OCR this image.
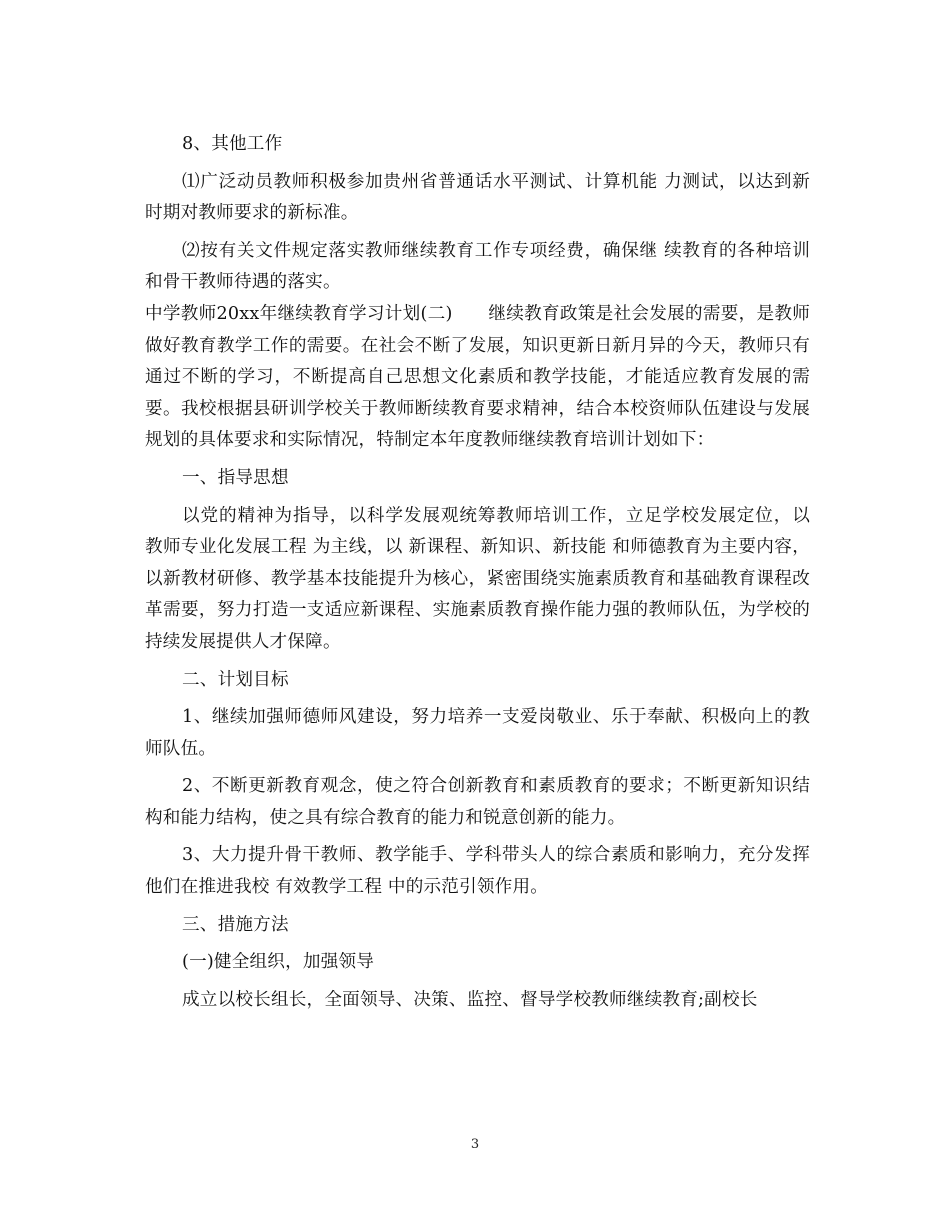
8、其他工作

⑴广泛动员教师积极参加贵州省普通话水平测试、计算机能 力测试，以达到新时期对教师要求的新标准。

⑵按有关文件规定落实教师继续教育工作专项经费，确保继 续教育的各种培训和骨干教师待遇的落实。

中学教师20xx年继续教育学习计划(二)　　继续教育政策是社会发展的需要，是教师做好教育教学工作的需要。在社会不断了发展，知识更新日新月异的今天，教师只有通过不断的学习，不断提高自己思想文化素质和教学技能，才能适应教育发展的需要。我校根据县研训学校关于教师断续教育要求精神，结合本校资师队伍建设与发展规划的具体要求和实际情况，特制定本年度教师继续教育培训计划如下：

一、指导思想

以党的精神为指导，以科学发展观统筹教师培训工作，立足学校发展定位，以 教师专业化发展工程 为主线，以 新课程、新知识、新技能 和师德教育为主要内容，以新教材研修、教学基本技能提升为核心，紧密围绕实施素质教育和基础教育课程改革需要，努力打造一支适应新课程、实施素质教育操作能力强的教师队伍，为学校的持续发展提供人才保障。

二、计划目标

1、继续加强师德师风建设，努力培养一支爱岗敬业、乐于奉献、积极向上的教师队伍。

2、不断更新教育观念，使之符合创新教育和素质教育的要求；不断更新知识结构和能力结构，使之具有综合教育的能力和锐意创新的能力。

3、大力提升骨干教师、教学能手、学科带头人的综合素质和影响力，充分发挥他们在推进我校 有效教学工程 中的示范引领作用。

三、措施方法

(一)健全组织，加强领导

成立以校长组长，全面领导、决策、监控、督导学校教师继续教育;副校长

3
